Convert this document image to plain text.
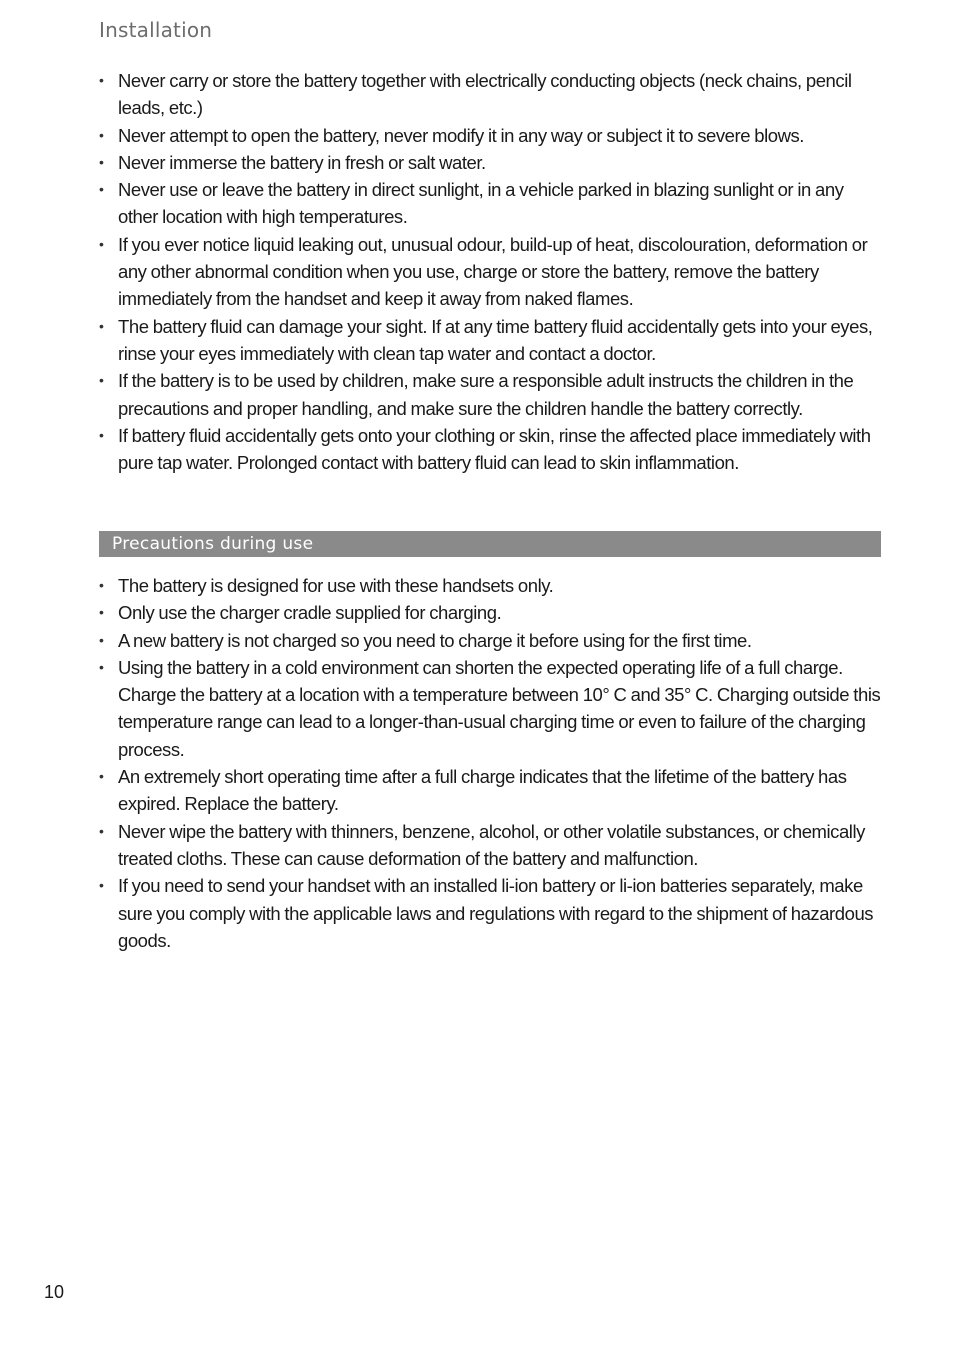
Installation
• Never carry or store the battery together with electrically conducting objects (neck chains, pencil leads, etc.)
• Never attempt to open the battery, never modify it in any way or subject it to severe blows.
• Never immerse the battery in fresh or salt water.
• Never use or leave the battery in direct sunlight, in a vehicle parked in blazing sunlight or in any other location with high temperatures.
• If you ever notice liquid leaking out, unusual odour, build-up of heat, discolouration, deformation or any other abnormal condition when you use, charge or store the battery, remove the battery immediately from the handset and keep it away from naked flames.
• The battery fluid can damage your sight. If at any time battery fluid accidentally gets into your eyes, rinse your eyes immediately with clean tap water and contact a doctor.
• If the battery is to be used by children, make sure a responsible adult instructs the children in the precautions and proper handling, and make sure the children handle the battery correctly.
• If battery fluid accidentally gets onto your clothing or skin, rinse the affected place immediately with pure tap water. Prolonged contact with battery fluid can lead to skin inflammation.
Precautions during use
• The battery is designed for use with these handsets only.
• Only use the charger cradle supplied for charging.
• A new battery is not charged so you need to charge it before using for the first time.
• Using the battery in a cold environment can shorten the expected operating life of a full charge. Charge the battery at a location with a temperature between 10° C and 35° C. Charging outside this temperature range can lead to a longer-than-usual charging time or even to failure of the charging process.
• An extremely short operating time after a full charge indicates that the lifetime of the battery has expired. Replace the battery.
• Never wipe the battery with thinners, benzene, alcohol, or other volatile substances, or chemically treated cloths. These can cause deformation of the battery and malfunction.
• If you need to send your handset with an installed li-ion battery or li-ion batteries separately, make sure you comply with the applicable laws and regulations with regard to the shipment of hazardous goods.
10
